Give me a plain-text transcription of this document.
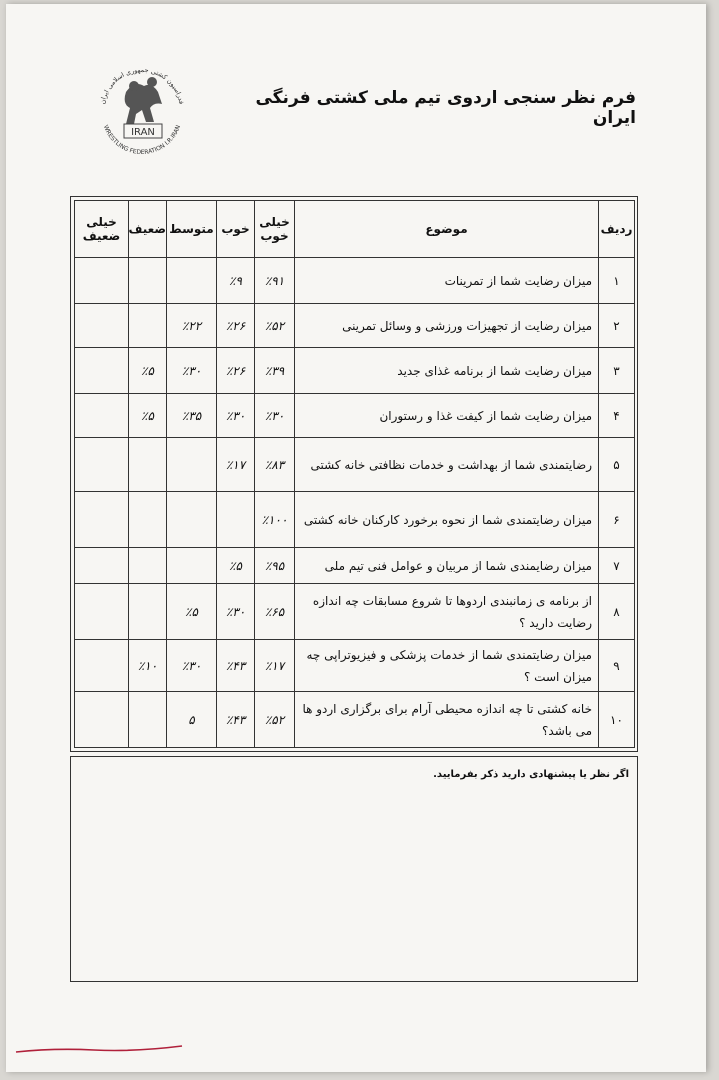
فدراسیون کشتی جمهوری اسلامی ایران
WRESTLING FEDERATION I.R.IRAN
IRAN
فرم نظر سنجی اردوی تیم ملی کشتی فرنگی ایران
ردیف	موضوع	خیلی خوب	خوب	متوسط	ضعیف	خیلی ضعیف
۱	میزان رضایت شما از تمرینات	٪۹۱	٪۹			
۲	میزان رضایت از تجهیزات ورزشی و وسائل تمرینی	٪۵۲	٪۲۶	٪۲۲		
۳	میزان رضایت شما از برنامه غذای جدید	٪۳۹	٪۲۶	٪۳۰	٪۵	
۴	میزان رضایت شما از کیفت غذا و رستوران	٪۳۰	٪۳۰	٪۳۵	٪۵	
۵	رضایتمندی شما از بهداشت و خدمات نظافتی خانه کشتی	٪۸۳	٪۱۷			
۶	میزان رضایتمندی شما از نحوه برخورد کارکنان خانه کشتی	٪۱۰۰				
۷	میزان رضایمندی شما از مربیان و عوامل فنی تیم ملی	٪۹۵	٪۵			
۸	از برنامه ی زمانبندی اردوها تا شروع مسابقات چه اندازه رضایت دارید ؟	٪۶۵	٪۳۰	٪۵		
۹	میزان رضایتمندی شما از خدمات پزشکی و فیزیوتراپی چه میزان است ؟	٪۱۷	٪۴۳	٪۳۰	٪۱۰	
۱۰	خانه کشتی تا چه اندازه محیطی آرام برای برگزاری اردو ها می باشد؟	٪۵۲	٪۴۳	۵		
اگر نظر یا پیشنهادی دارید ذکر بفرمایید.
